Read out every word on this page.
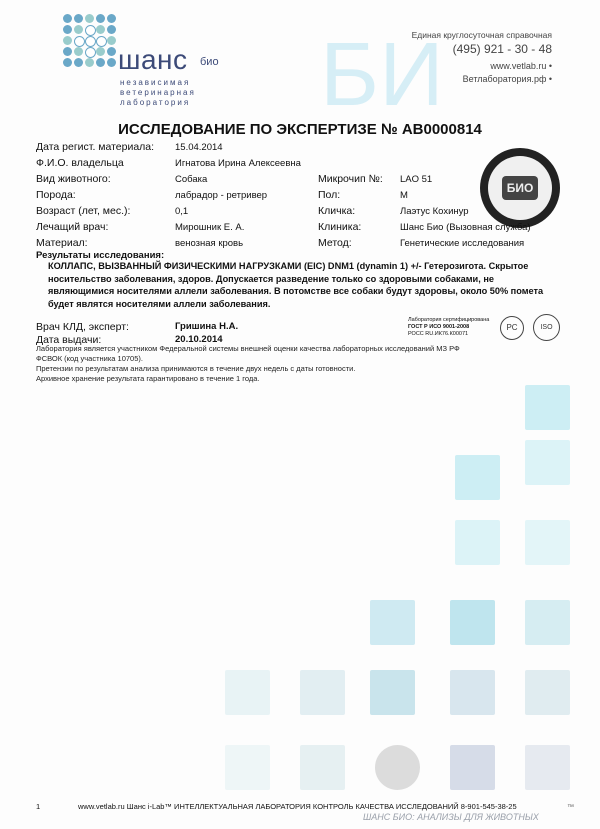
БИ
шанс био
независимая
ветеринарная
лаборатория
Единая круглосуточная справочная
(495) 921 - 30 - 48
www.vetlab.ru •
Ветлаборатория.рф •
ИССЛЕДОВАНИЕ ПО ЭКСПЕРТИЗЕ № AB0000814
БИО
Дата регист. материала: 15.04.2014
Ф.И.О. владельца	Игнатова Ирина Алексеевна
Вид животного:	Собака	Микрочип №: LAO 51
Порода:	лабрадор - ретривер	Пол:	М
Возраст (лет, мес.):	0,1	Кличка:	Лаэтус Кохинур
Лечащий врач:	Мирошник Е. А.	Клиника:	Шанс Био (Вызовная служба)
Материал:	венозная кровь	Метод:	Генетические исследования
Результаты исследования:
КОЛЛАПС, ВЫЗВАННЫЙ ФИЗИЧЕСКИМИ НАГРУЗКАМИ (EIC) DNM1 (dynamin 1) +/- Гетерозигота. Скрытое носительство заболевания, здоров. Допускается разведение только со здоровыми собаками, не являющимися носителями аллели заболевания. В потомстве все собаки будут здоровы, около 50% помета будет являтся носителями аллели заболевания.
Врач КЛД, эксперт:	Гришина Н.А.
Дата выдачи:	20.10.2014
Лаборатория сертифицирована
ГОСТ Р ИСО 9001-2008
РОСС RU.ИК76.К00071
PC	ISO
Лаборатория является участником Федеральной системы внешней оценки качества лабораторных исследований МЗ РФ
ФСВОК (код участника 10705).
Претензии по результатам анализа принимаются в течение двух недель с даты готовности.
Архивное хранение результата гарантировано в течение 1 года.
1	www.vetlab.ru Шанс i-Lab™ ИНТЕЛЛЕКТУАЛЬНАЯ ЛАБОРАТОРИЯ КОНТРОЛЬ КАЧЕСТВА ИССЛЕДОВАНИЙ 8-901-545-38-25
ШАНС БИО: АНАЛИЗЫ ДЛЯ ЖИВОТНЫХ
™
